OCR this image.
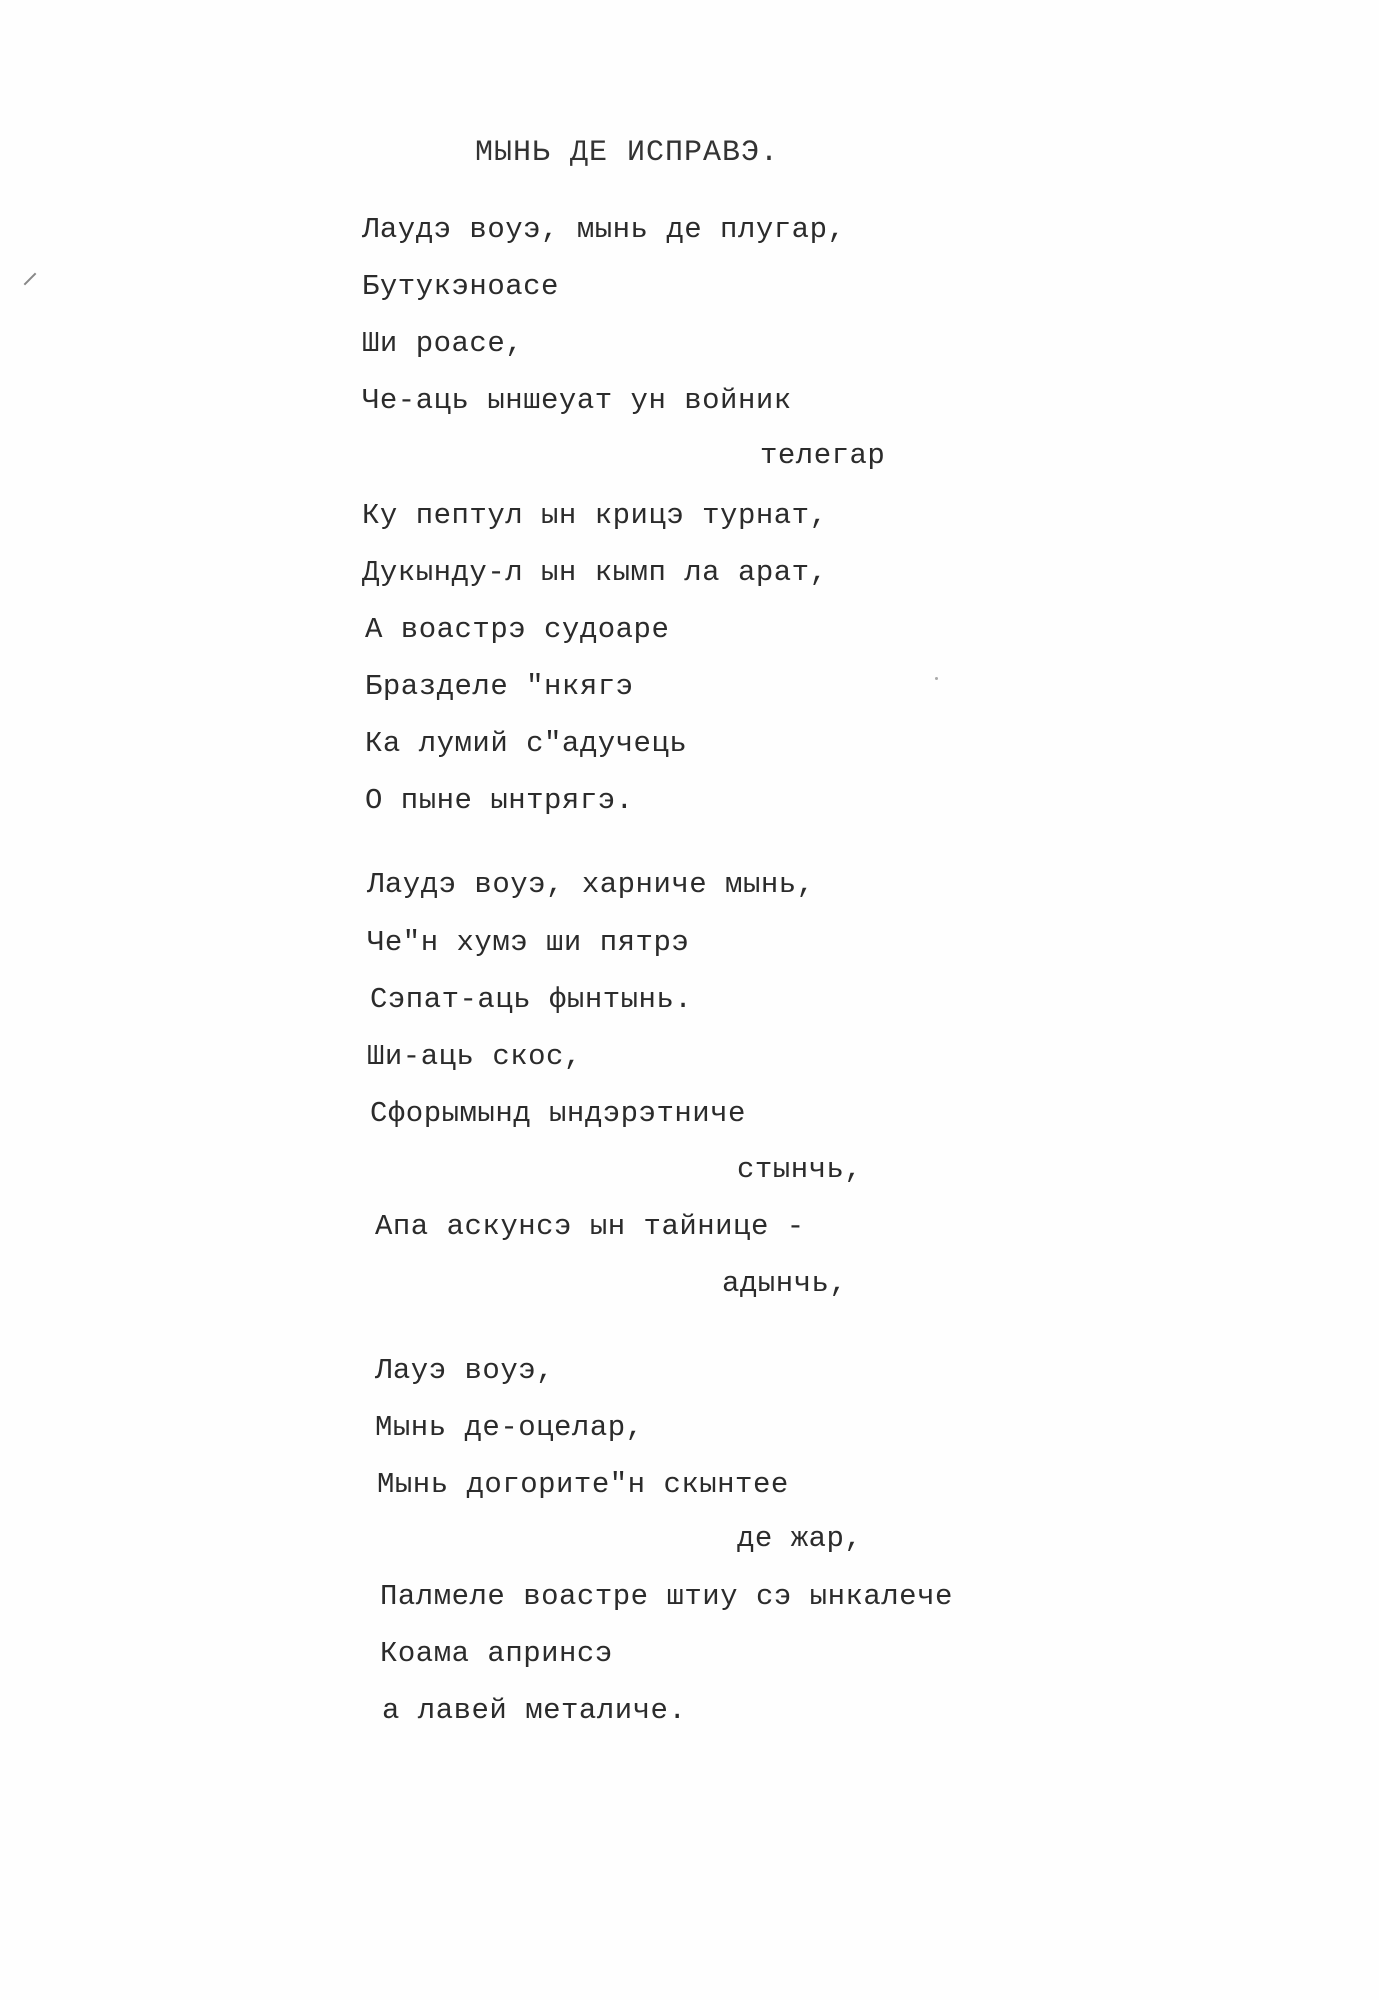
МЫНЬ ДЕ ИСПРАВЭ.
Лаудэ воуэ, мынь де плугар,
Бутукэноасе
Ши роасе,
Че-аць ыншеуат ун войник
телегар
Ку пептул ын крицэ турнат,
Дукынду-л ын кымп ла арат,
А воастрэ судоаре
Бразделе "нкягэ
Ка лумий с"адучець
О пыне ынтрягэ.
Лаудэ воуэ, харниче мынь,
Че"н хумэ ши пятрэ
Сэпат-аць фынтынь.
Ши-аць скос,
Сфорымынд ындэрэтниче
стынчь,
Апа аскунсэ ын тайнице -
адынчь,
Лауэ воуэ,
Мынь де-оцелар,
Мынь догорите"н скынтее
де жар,
Палмеле воастре штиу сэ ынкалече
Коама апринсэ
а лавей металиче.
